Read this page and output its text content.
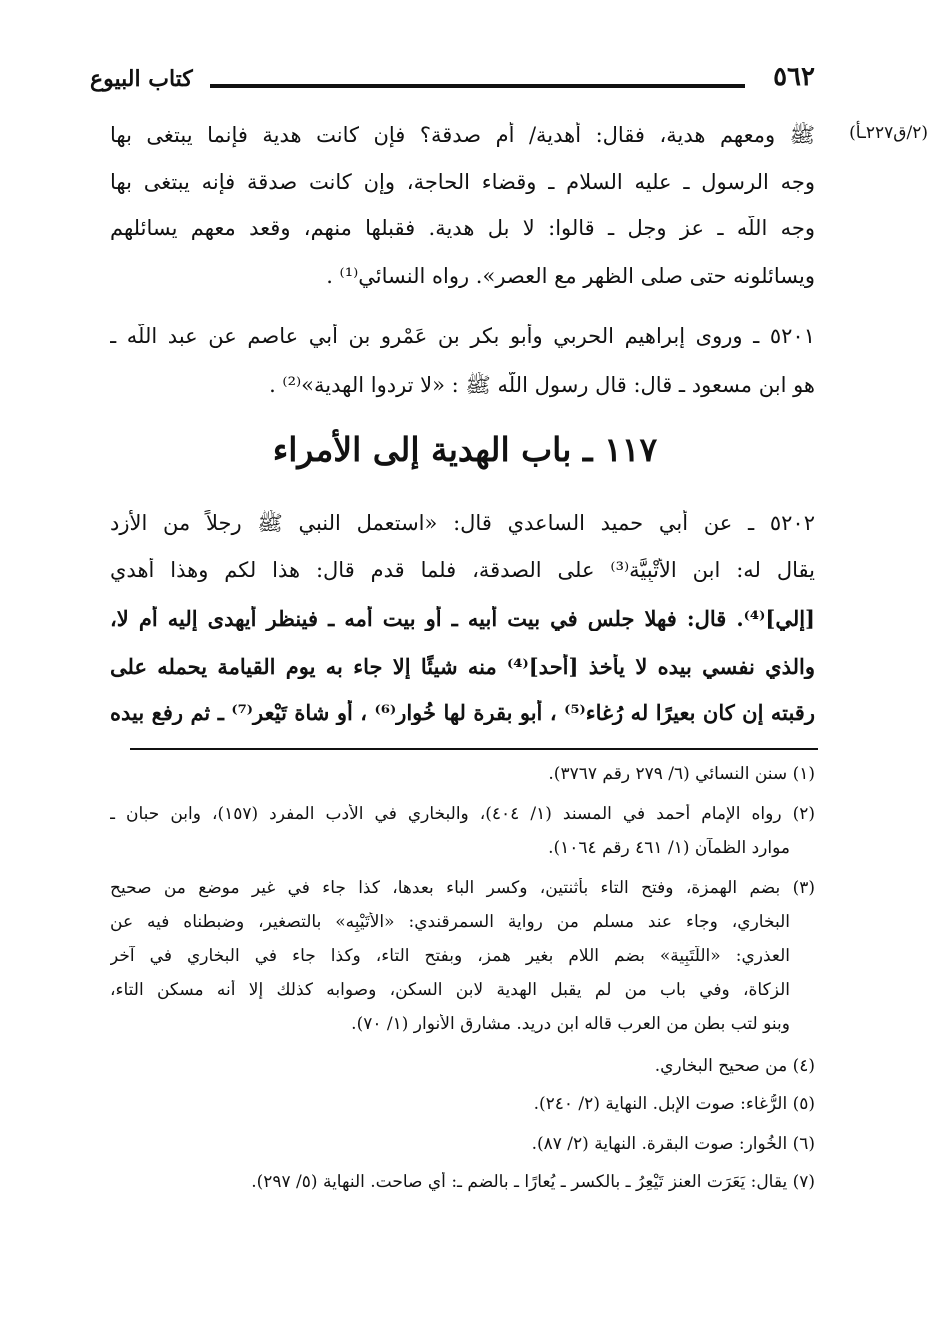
٥٦٢
كتاب البيوع
(٢/ق٢٢٧ـأ)
ﷺ ومعهم هدية، فقال: أهدية/ أم صدقة؟ فإن كانت هدية فإنما يبتغى بها
وجه الرسول ـ عليه السلام ـ وقضاء الحاجة، وإن كانت صدقة فإنه يبتغى بها
وجه اللّه ـ عز وجل ـ قالوا: لا بل هدية. فقبلها منهم، وقعد معهم يسائلهم
ويسائلونه حتى صلى الظهر مع العصر». رواه النسائي⁽¹⁾ .
٥٢٠١ ـ وروى إبراهيم الحربي وأبو بكر بن عَمْرو بن أبي عاصم عن عبد اللّه ـ
هو ابن مسعود ـ قال: قال رسول اللّه ﷺ : «لا تردوا الهدية»⁽²⁾ .
١١٧ ـ باب الهدية إلى الأمراء
٥٢٠٢ ـ عن أبي حميد الساعدي قال: «استعمل النبي ﷺ رجلاً من الأزد
يقال له: ابن الأُتْبِيَّة⁽³⁾ على الصدقة، فلما قدم قال: هذا لكم وهذا أهدي
[إلي]⁽⁴⁾. قال: فهلا جلس في بيت أبيه ـ أو بيت أمه ـ فينظر أيهدى إليه أم لا،
والذي نفسي بيده لا يأخذ [أحد]⁽⁴⁾ منه شيئًا إلا جاء به يوم القيامة يحمله على
رقبته إن كان بعيرًا له رُغاء⁽⁵⁾ ، أبو بقرة لها خُوار⁽⁶⁾ ، أو شاة تَيْعر⁽⁷⁾ ـ ثم رفع بيده
(١) سنن النسائي (٦/ ٢٧٩ رقم ٣٧٦٧).
(٢) رواه الإمام أحمد في المسند (١/ ٤٠٤)، والبخاري في الأدب المفرد (١٥٧)، وابن حبان ـ
موارد الظمآن (١/ ٤٦١ رقم ١٠٦٤).
(٣) بضم الهمزة، وفتح التاء بأثنتين، وكسر الباء بعدها، كذا جاء في غير موضع من صحيح
البخاري، وجاء عند مسلم من رواية السمرقندي: «الأُتَيْبِه» بالتصغير، وضبطناه فيه عن
العذري: «اللُّتَبِية» بضم اللام بغير همز، وبفتح التاء، وكذا جاء في البخاري في آخر
الزكاة، وفي باب من لم يقبل الهدية لابن السكن، وصوابه كذلك إلا أنه مسكن التاء،
وبنو لتب بطن من العرب قاله ابن دريد. مشارق الأنوار (١/ ٧٠).
(٤) من صحيح البخاري.
(٥) الرُّغاء: صوت الإبل. النهاية (٢/ ٢٤٠).
(٦) الخُوار: صوت البقرة. النهاية (٢/ ٨٧).
(٧) يقال: يَعَرَت العنز تَيْعِرُ ـ بالكسر ـ يُعارًا ـ بالضم ـ: أي صاحت. النهاية (٥/ ٢٩٧).
